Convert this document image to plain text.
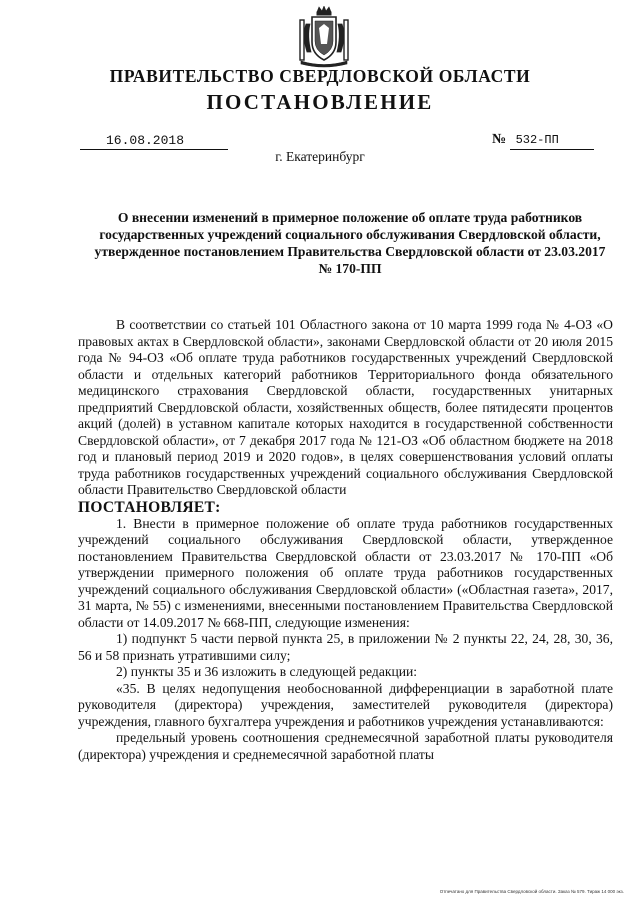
ПРАВИТЕЛЬСТВО СВЕРДЛОВСКОЙ ОБЛАСТИ
ПОСТАНОВЛЕНИЕ
16.08.2018	№ 532-ПП
г. Екатеринбург
О внесении изменений в примерное положение об оплате труда работников государственных учреждений социального обслуживания Свердловской области, утвержденное постановлением Правительства Свердловской области от 23.03.2017 № 170-ПП

В соответствии со статьей 101 Областного закона от 10 марта 1999 года № 4-ОЗ «О правовых актах в Свердловской области», законами Свердловской области от 20 июля 2015 года № 94-ОЗ «Об оплате труда работников государственных учреждений Свердловской области и отдельных категорий работников Территориального фонда обязательного медицинского страхования Свердловской области, государственных унитарных предприятий Свердловской области, хозяйственных обществ, более пятидесяти процентов акций (долей) в уставном капитале которых находится в государственной собственности Свердловской области», от 7 декабря 2017 года № 121-ОЗ «Об областном бюджете на 2018 год и плановый период 2019 и 2020 годов», в целях совершенствования условий оплаты труда работников государственных учреждений социального обслуживания Свердловской области Правительство Свердловской области

ПОСТАНОВЛЯЕТ:

1. Внести в примерное положение об оплате труда работников государственных учреждений социального обслуживания Свердловской области, утвержденное постановлением Правительства Свердловской области от 23.03.2017 № 170-ПП «Об утверждении примерного положения об оплате труда работников государственных учреждений социального обслуживания Свердловской области» («Областная газета», 2017, 31 марта, № 55) с изменениями, внесенными постановлением Правительства Свердловской области от 14.09.2017 № 668-ПП, следующие изменения:

1) подпункт 5 части первой пункта 25, в приложении № 2 пункты 22, 24, 28, 30, 36, 56 и 58 признать утратившими силу;

2) пункты 35 и 36 изложить в следующей редакции:

«35. В целях недопущения необоснованной дифференциации в заработной плате руководителя (директора) учреждения, заместителей руководителя (директора) учреждения, главного бухгалтера учреждения и работников учреждения устанавливаются:

предельный уровень соотношения среднемесячной заработной платы руководителя (директора) учреждения и среднемесячной заработной платы

Отпечатано для Правительства Свердловской области. Заказ № 579. Тираж 14 000 экз.
